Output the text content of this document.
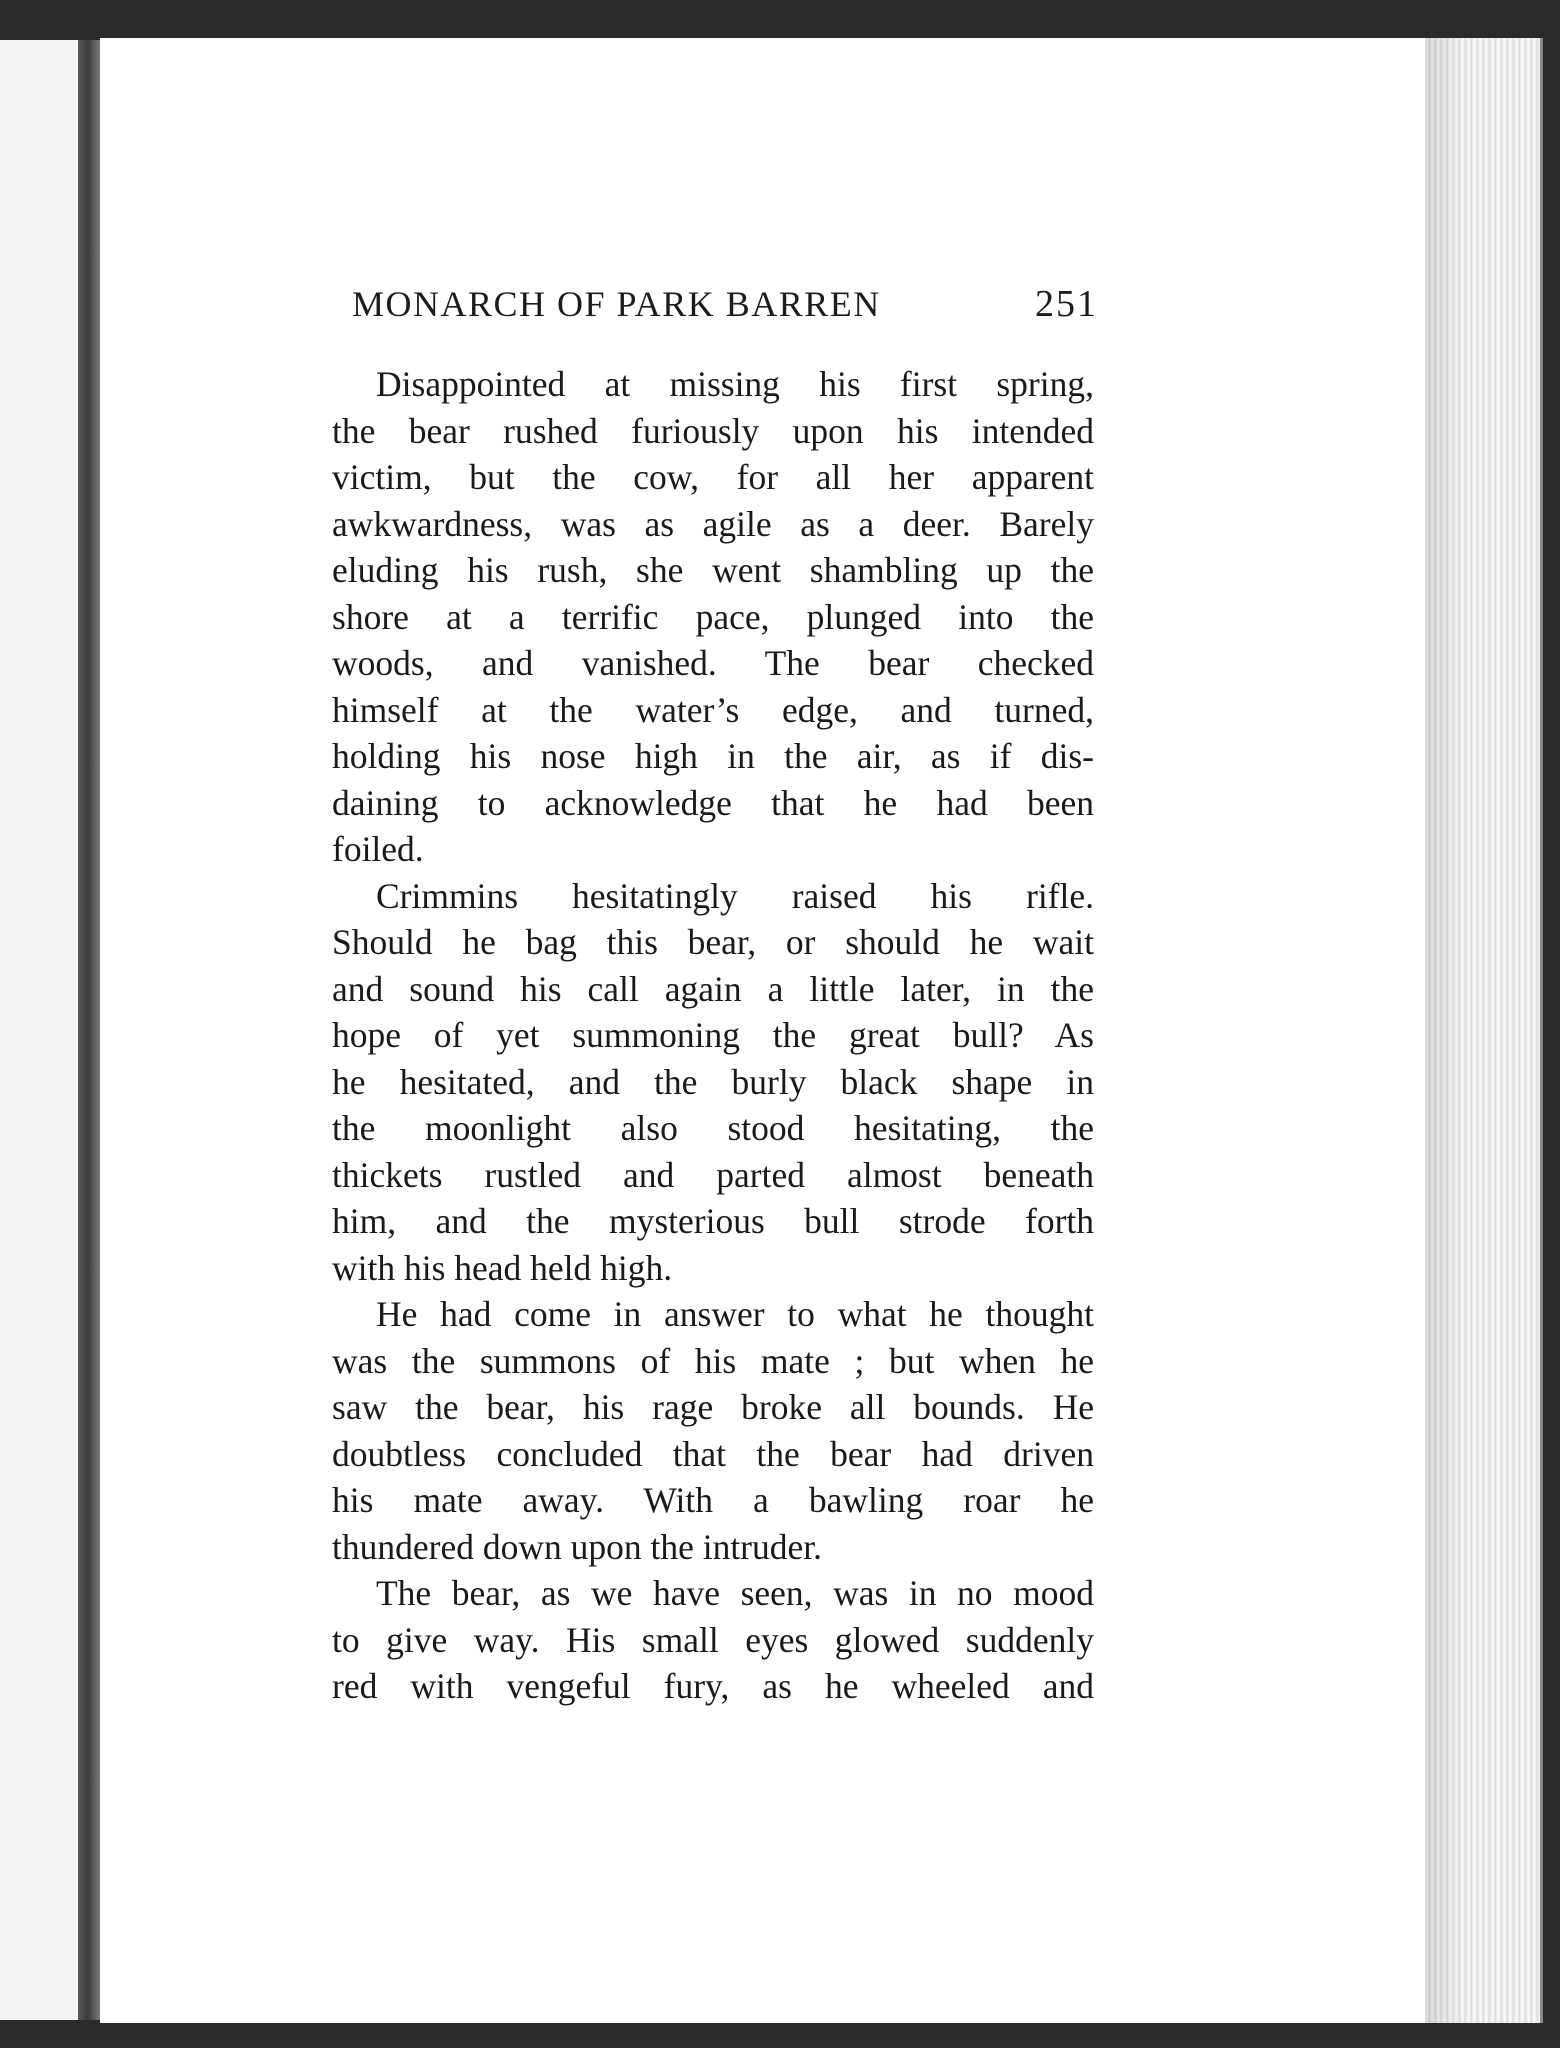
MONARCH OF PARK BARREN	251
Disappointed at missing his first spring,
the bear rushed furiously upon his intended
victim, but the cow, for all her apparent
awkwardness, was as agile as a deer. Barely
eluding his rush, she went shambling up the
shore at a terrific pace, plunged into the
woods, and vanished. The bear checked
himself at the water’s edge, and turned,
holding his nose high in the air, as if dis-
daining to acknowledge that he had been
foiled.
Crimmins hesitatingly raised his rifle.
Should he bag this bear, or should he wait
and sound his call again a little later, in the
hope of yet summoning the great bull? As
he hesitated, and the burly black shape in
the moonlight also stood hesitating, the
thickets rustled and parted almost beneath
him, and the mysterious bull strode forth
with his head held high.
He had come in answer to what he thought
was the summons of his mate ; but when he
saw the bear, his rage broke all bounds. He
doubtless concluded that the bear had driven
his mate away. With a bawling roar he
thundered down upon the intruder.
The bear, as we have seen, was in no mood
to give way. His small eyes glowed suddenly
red with vengeful fury, as he wheeled and
